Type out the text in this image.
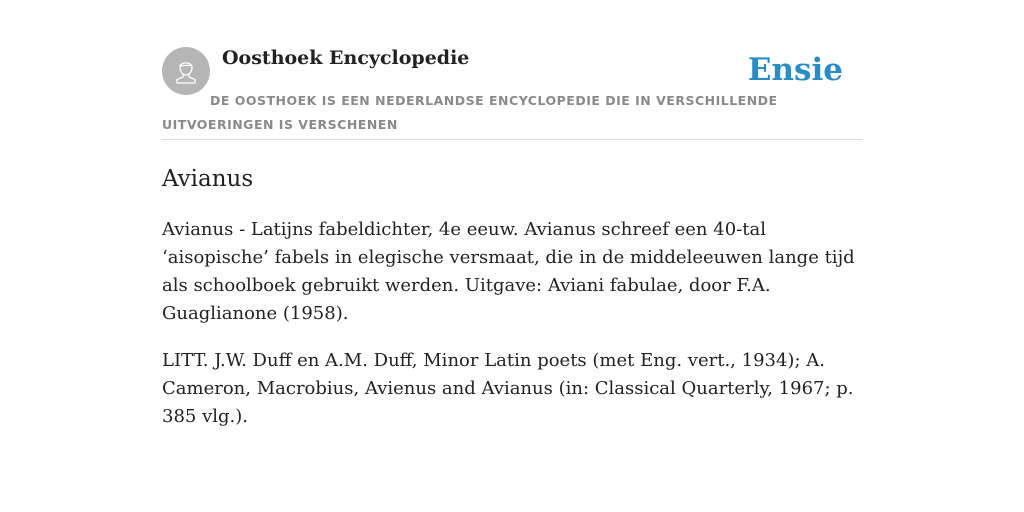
Oosthoek Encyclopedie	Ensie

DE OOSTHOEK IS EEN NEDERLANDSE ENCYCLOPEDIE DIE IN VERSCHILLENDE UITVOERINGEN IS VERSCHENEN

Avianus

Avianus - Latijns fabeldichter, 4e eeuw. Avianus schreef een 40-tal ‘aisopische’ fabels in elegische versmaat, die in de middeleeuwen lange tijd als schoolboek gebruikt werden. Uitgave: Aviani fabulae, door F.A. Guaglianone (1958).

LITT. J.W. Duff en A.M. Duff, Minor Latin poets (met Eng. vert., 1934); A. Cameron, Macrobius, Avienus and Avianus (in: Classical Quarterly, 1967; p. 385 vlg.).
